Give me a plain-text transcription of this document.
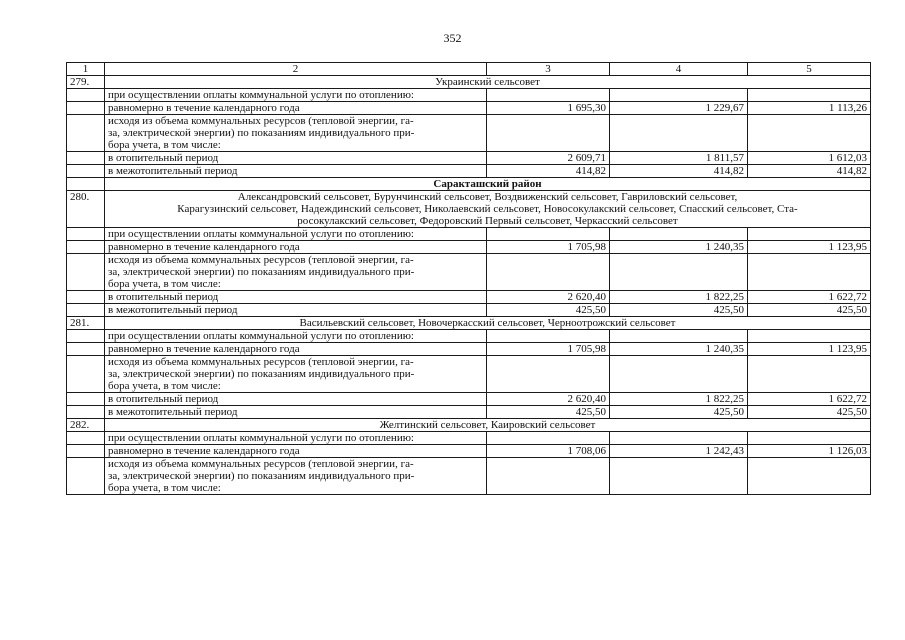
352
1	2	3	4	5
279.	Украинский сельсовет			
	при осуществлении оплаты коммунальной услуги по отоплению:			
	равномерно в течение календарного года	1 695,30	1 229,67	1 113,26

	исходя из объема коммунальных ресурсов (тепловой энергии, га-
за, электрической энергии) по показаниям индивидуального при-
бора учета, в том числе:			

	в отопительный период	2 609,71	1 811,57	1 612,03
	в межотопительный период	414,82	414,82	414,82
	Саракташский район			
280.	Александровский сельсовет, Бурунчинский сельсовет, Воздвиженский сельсовет, Гавриловский сельсовет,
Карагузинский сельсовет, Надеждинский сельсовет, Николаевский сельсовет, Новосокулакский сельсовет, Спасский сельсовет, Ста-
росокулакский сельсовет, Федоровский Первый сельсовет, Черкасский сельсовет			

	при осуществлении оплаты коммунальной услуги по отоплению:			
	равномерно в течение календарного года	1 705,98	1 240,35	1 123,95

	исходя из объема коммунальных ресурсов (тепловой энергии, га-
за, электрической энергии) по показаниям индивидуального при-
бора учета, в том числе:			

	в отопительный период	2 620,40	1 822,25	1 622,72
	в межотопительный период	425,50	425,50	425,50
281.	Васильевский сельсовет, Новочеркасский сельсовет, Черноотрожский сельсовет			
	при осуществлении оплаты коммунальной услуги по отоплению:			
	равномерно в течение календарного года	1 705,98	1 240,35	1 123,95

	исходя из объема коммунальных ресурсов (тепловой энергии, га-
за, электрической энергии) по показаниям индивидуального при-
бора учета, в том числе:			

	в отопительный период	2 620,40	1 822,25	1 622,72
	в межотопительный период	425,50	425,50	425,50
282.	Желтинский сельсовет, Каировский сельсовет			
	при осуществлении оплаты коммунальной услуги по отоплению:			
	равномерно в течение календарного года	1 708,06	1 242,43	1 126,03

	исходя из объема коммунальных ресурсов (тепловой энергии, га-
за, электрической энергии) по показаниям индивидуального при-
бора учета, в том числе:			
